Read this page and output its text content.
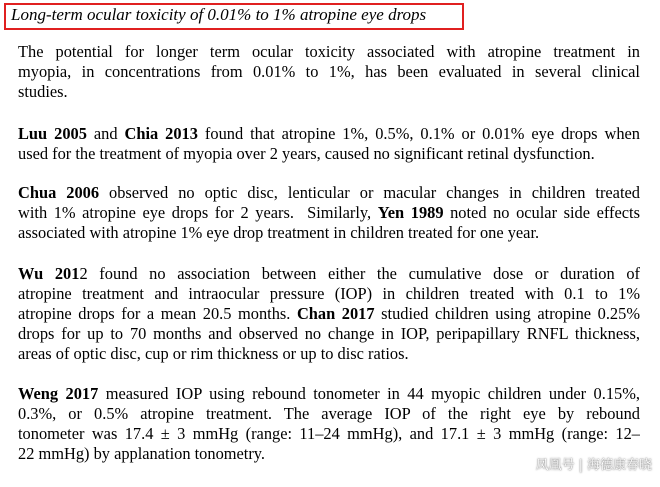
Long-term ocular toxicity of 0.01% to 1% atropine eye drops
The potential for longer term ocular toxicity associated with atropine treatment in
myopia, in concentrations from 0.01% to 1%, has been evaluated in several clinical
studies.
Luu 2005 and Chia 2013 found that atropine 1%, 0.5%, 0.1% or 0.01% eye drops when
used for the treatment of myopia over 2 years, caused no significant retinal dysfunction.
Chua 2006 observed no optic disc, lenticular or macular changes in children treated
with 1% atropine eye drops for 2 years.  Similarly, Yen 1989 noted no ocular side effects
associated with atropine 1% eye drop treatment in children treated for one year.
Wu 2012 found no association between either the cumulative dose or duration of
atropine treatment and intraocular pressure (IOP) in children treated with 0.1 to 1%
atropine drops for a mean 20.5 months. Chan 2017 studied children using atropine 0.25%
drops for up to 70 months and observed no change in IOP, peripapillary RNFL thickness,
areas of optic disc, cup or rim thickness or up to disc ratios.
Weng 2017 measured IOP using rebound tonometer in 44 myopic children under 0.15%,
0.3%, or 0.5% atropine treatment. The average IOP of the right eye by rebound
tonometer was 17.4 ± 3 mmHg (range: 11–24 mmHg), and 17.1 ± 3 mmHg (range: 12–
22 mmHg) by applanation tonometry.
凤凰号 | 海德康春晓
